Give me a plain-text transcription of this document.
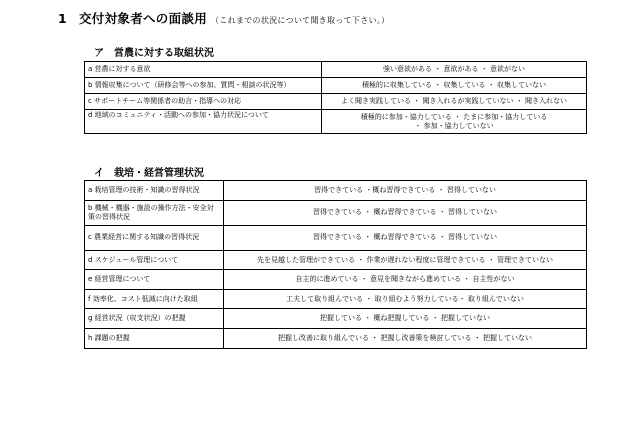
1 交付対象者への面談用 （これまでの状況について聞き取って下さい。）
ア　営農に対する取組状況
a 営農に対する意欲	強い意欲がある ・ 意欲がある ・ 意欲がない
b 情報収集について（研修会等への参加、質問・相談の状況等）	積極的に収集している ・ 収集している ・ 収集していない
c サポートチーム等関係者の助言・指導への対応	よく聞き実践している ・ 聞き入れるが実践していない ・ 聞き入れない
d 地域のコミュニティ・活動への参加・協力状況について	積極的に参加・協力している ・ たまに参加・協力している
・ 参加・協力していない
イ　栽培・経営管理状況
a 栽培管理の技術・知識の習得状況	習得できている ・概ね習得できている ・ 習得していない
b 機械・機器・施設の操作方法・安全対策の習得状況	習得できている ・ 概ね習得できている ・ 習得していない
c 農業経営に関する知識の習得状況	習得できている ・ 概ね習得できている ・ 習得していない
d スケジュール管理について	先を見越した管理ができている ・ 作業が遅れない程度に管理できている ・ 管理できていない
e 経営管理について	自主的に進めている ・ 意見を聞きながら進めている ・ 自主性がない
f 効率化、コスト低減に向けた取組	工夫して取り組んでいる ・ 取り組むよう努力している・ 取り組んでいない
g 経営状況（収支状況）の把握	把握している ・ 概ね把握している ・ 把握していない
h 課題の把握	把握し改善に取り組んでいる ・ 把握し改善策を検討している ・ 把握していない
